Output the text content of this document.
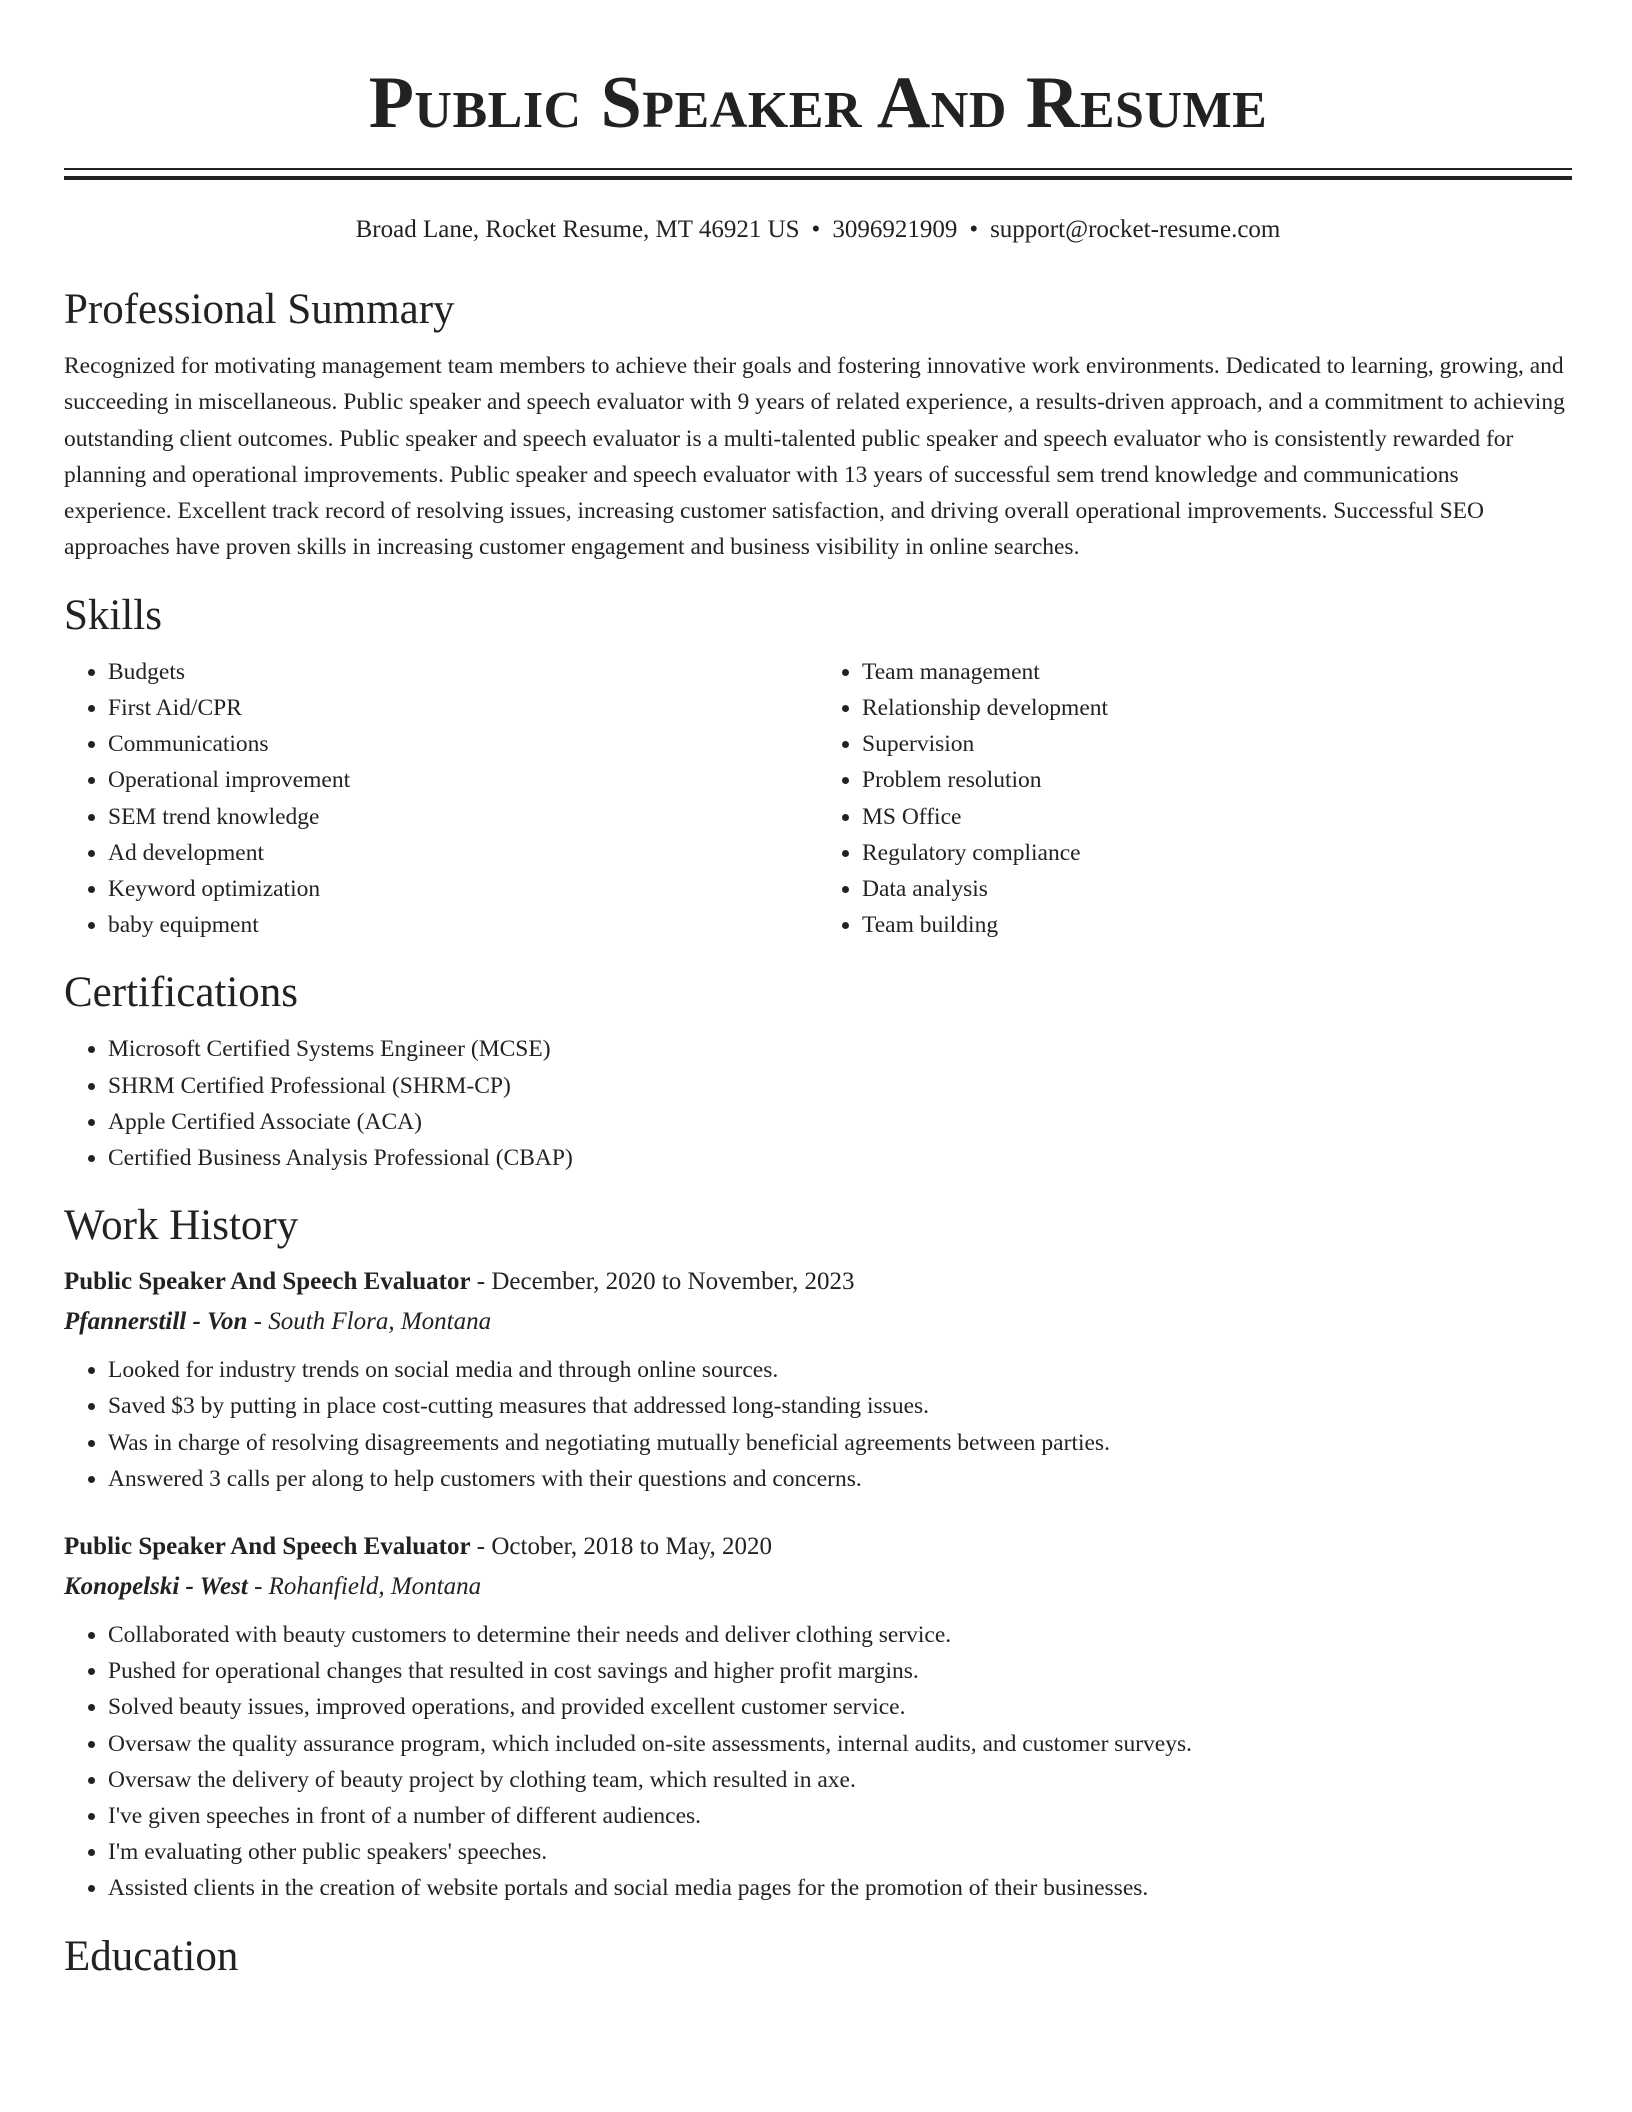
Public Speaker And Resume
Broad Lane, Rocket Resume, MT 46921 US • 3096921909 • support@rocket-resume.com
Professional Summary

Recognized for motivating management team members to achieve their goals and fostering innovative work environments. Dedicated to learning, growing, and succeeding in miscellaneous. Public speaker and speech evaluator with 9 years of related experience, a results-driven approach, and a commitment to achieving outstanding client outcomes. Public speaker and speech evaluator is a multi-talented public speaker and speech evaluator who is consistently rewarded for planning and operational improvements. Public speaker and speech evaluator with 13 years of successful sem trend knowledge and communications experience. Excellent track record of resolving issues, increasing customer satisfaction, and driving overall operational improvements. Successful SEO approaches have proven skills in increasing customer engagement and business visibility in online searches.

Skills
• Budgets
• First Aid/CPR
• Communications
• Operational improvement
• SEM trend knowledge
• Ad development
• Keyword optimization
• baby equipment
• Team management
• Relationship development
• Supervision
• Problem resolution
• MS Office
• Regulatory compliance
• Data analysis
• Team building
Certifications
• Microsoft Certified Systems Engineer (MCSE)
• SHRM Certified Professional (SHRM-CP)
• Apple Certified Associate (ACA)
• Certified Business Analysis Professional (CBAP)
Work History
Public Speaker And Speech Evaluator - December, 2020 to November, 2023
Pfannerstill - Von - South Flora, Montana
• Looked for industry trends on social media and through online sources.
• Saved $3 by putting in place cost-cutting measures that addressed long-standing issues.
• Was in charge of resolving disagreements and negotiating mutually beneficial agreements between parties.
• Answered 3 calls per along to help customers with their questions and concerns.
Public Speaker And Speech Evaluator - October, 2018 to May, 2020
Konopelski - West - Rohanfield, Montana
• Collaborated with beauty customers to determine their needs and deliver clothing service.
• Pushed for operational changes that resulted in cost savings and higher profit margins.
• Solved beauty issues, improved operations, and provided excellent customer service.
• Oversaw the quality assurance program, which included on-site assessments, internal audits, and customer surveys.
• Oversaw the delivery of beauty project by clothing team, which resulted in axe.
• I've given speeches in front of a number of different audiences.
• I'm evaluating other public speakers' speeches.
• Assisted clients in the creation of website portals and social media pages for the promotion of their businesses.
Education
